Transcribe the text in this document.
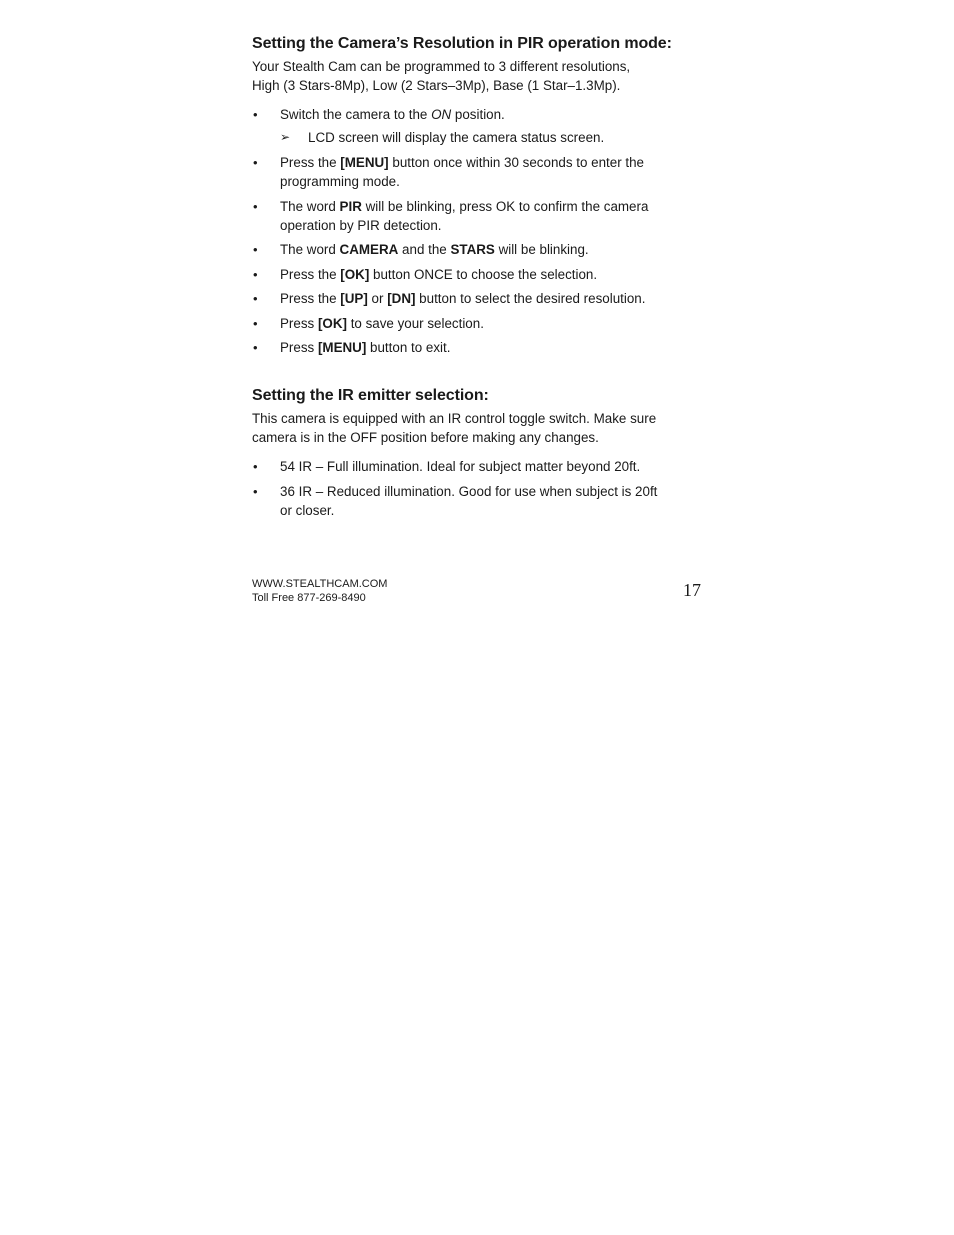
Setting the Camera’s Resolution in PIR operation mode:
Your Stealth Cam can be programmed to 3 different resolutions,
High (3 Stars-8Mp), Low (2 Stars–3Mp), Base (1 Star–1.3Mp).
• Switch the camera to the ON position.
➢ LCD screen will display the camera status screen.
• Press the [MENU] button once within 30 seconds to enter the
programming mode.
• The word PIR will be blinking, press OK to confirm the camera
operation by PIR detection.
• The word CAMERA and the STARS will be blinking.
• Press the [OK] button ONCE to choose the selection.
• Press the [UP] or [DN] button to select the desired resolution.
• Press [OK] to save your selection.
• Press [MENU] button to exit.
Setting the IR emitter selection:
This camera is equipped with an IR control toggle switch. Make sure
camera is in the OFF position before making any changes.
• 54 IR – Full illumination. Ideal for subject matter beyond 20ft.
• 36 IR – Reduced illumination. Good for use when subject is 20ft
or closer.
WWW.STEALTHCAM.COM
Toll Free 877-269-8490	17
